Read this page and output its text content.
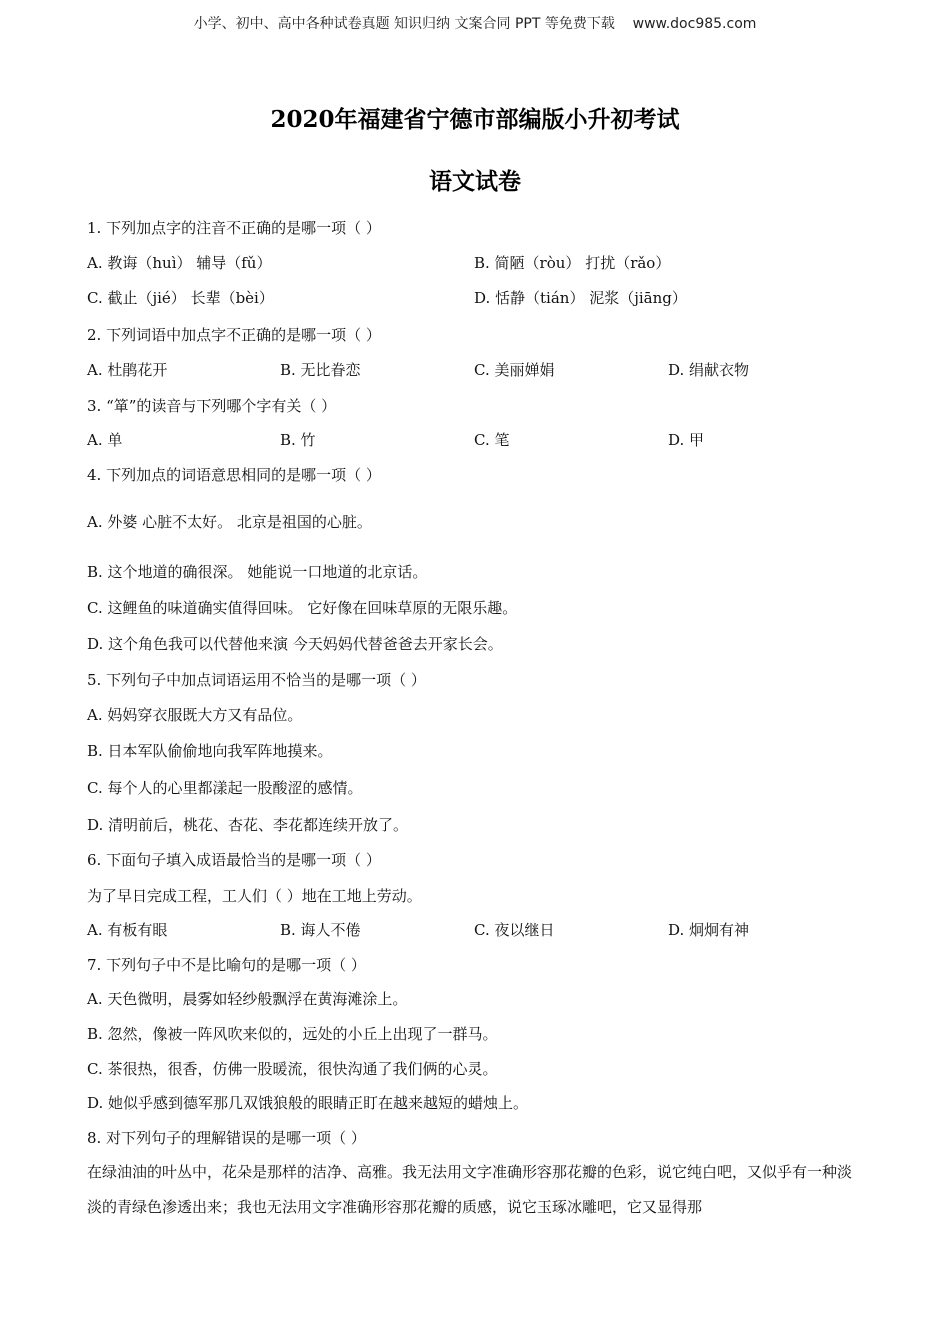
小学、初中、高中各种试卷真题 知识归纳 文案合同 PPT 等免费下载 www.doc985.com
2020年福建省宁德市部编版小升初考试
语文试卷
1. 下列加点字的注音不正确的是哪一项（ ）
A. 教诲（huì） 辅导（fǔ）	B. 简陋（ròu） 打扰（rǎo）
C. 截止（jié） 长辈（bèi）	D. 恬静（tián） 泥浆（jiāng）
2. 下列词语中加点字不正确的是哪一项（ ）
A. 杜鹃花开	B. 无比眷恋	C. 美丽婵娟	D. 绢献衣物
3. “箪”的读音与下列哪个字有关（ ）
A. 单	B. 竹	C. 笔	D. 甲
4. 下列加点的词语意思相同的是哪一项（ ）
A. 外婆 心脏不太好。 北京是祖国的心脏。
B. 这个地道的确很深。 她能说一口地道的北京话。
C. 这鲤鱼的味道确实值得回味。 它好像在回味草原的无限乐趣。
D. 这个角色我可以代替他来演 今天妈妈代替爸爸去开家长会。
5. 下列句子中加点词语运用不恰当的是哪一项（ ）
A. 妈妈穿衣服既大方又有品位。
B. 日本军队偷偷地向我军阵地摸来。
C. 每个人的心里都漾起一股酸涩的感情。
D. 清明前后，桃花、杏花、李花都连续开放了。
6. 下面句子填入成语最恰当的是哪一项（ ）
为了早日完成工程，工人们（ ）地在工地上劳动。
A. 有板有眼	B. 诲人不倦	C. 夜以继日	D. 炯炯有神
7. 下列句子中不是比喻句的是哪一项（ ）
A. 天色微明，晨雾如轻纱般飘浮在黄海滩涂上。
B. 忽然，像被一阵风吹来似的，远处的小丘上出现了一群马。
C. 茶很热，很香，仿佛一股暖流，很快沟通了我们俩的心灵。
D. 她似乎感到德军那几双饿狼般的眼睛正盯在越来越短的蜡烛上。
8. 对下列句子的理解错误的是哪一项（ ）
在绿油油的叶丛中，花朵是那样的洁净、高雅。我无法用文字准确形容那花瓣的色彩，说它纯白吧，又似乎有一种淡淡的青绿色渗透出来；我也无法用文字准确形容那花瓣的质感，说它玉琢冰雕吧，它又显得那
